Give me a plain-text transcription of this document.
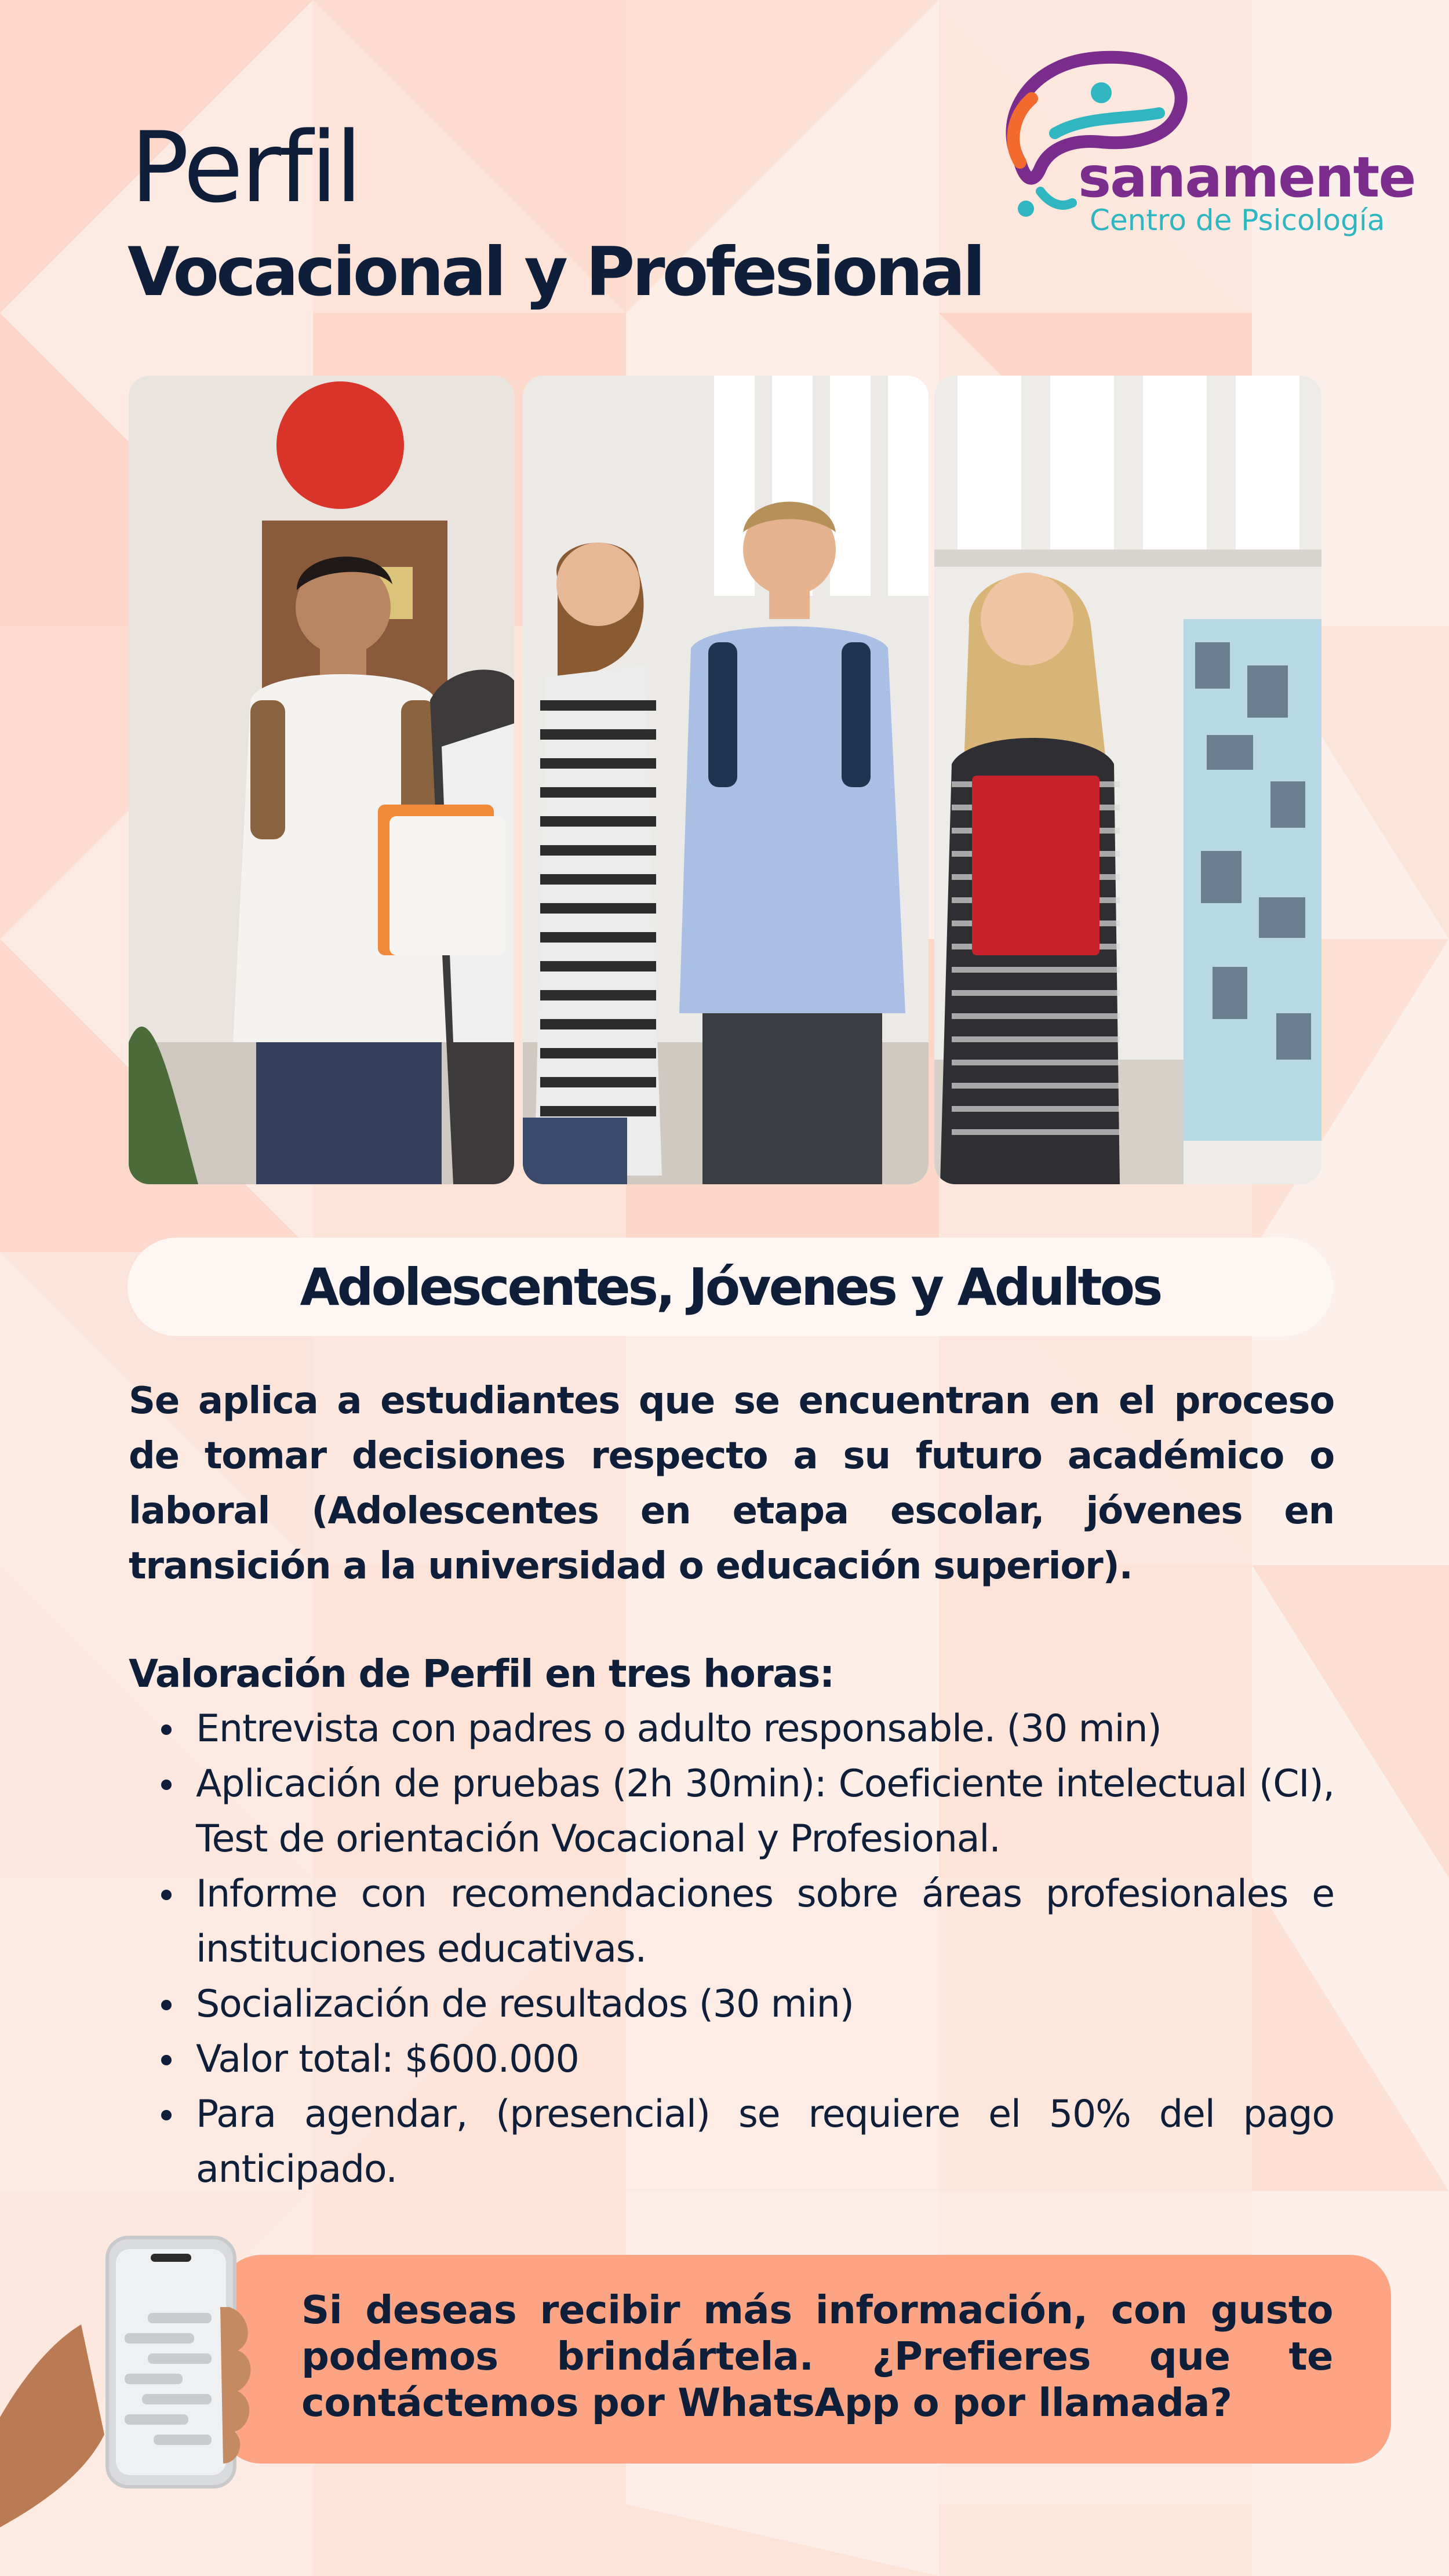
sanamente
Centro de Psicología
Perfil
Vocacional y Profesional
Adolescentes, Jóvenes y Adultos

Se aplica a estudiantes que se encuentran en el proceso de tomar decisiones respecto a su futuro académico o laboral (Adolescentes en etapa escolar, jóvenes en transición a la universidad o educación superior).

Valoración de Perfil en tres horas:
Entrevista con padres o adulto responsable. (30 min)
Aplicación de pruebas (2h 30min): Coeficiente intelectual (CI), Test de orientación Vocacional y Profesional.
Informe con recomendaciones sobre áreas profesionales e instituciones educativas.
Socialización de resultados (30 min)
Valor total: $600.000
Para agendar, (presencial) se requiere el 50% del pago anticipado.

Si deseas recibir más información, con gusto podemos brindártela. ¿Prefieres que te contáctemos por WhatsApp o por llamada?
